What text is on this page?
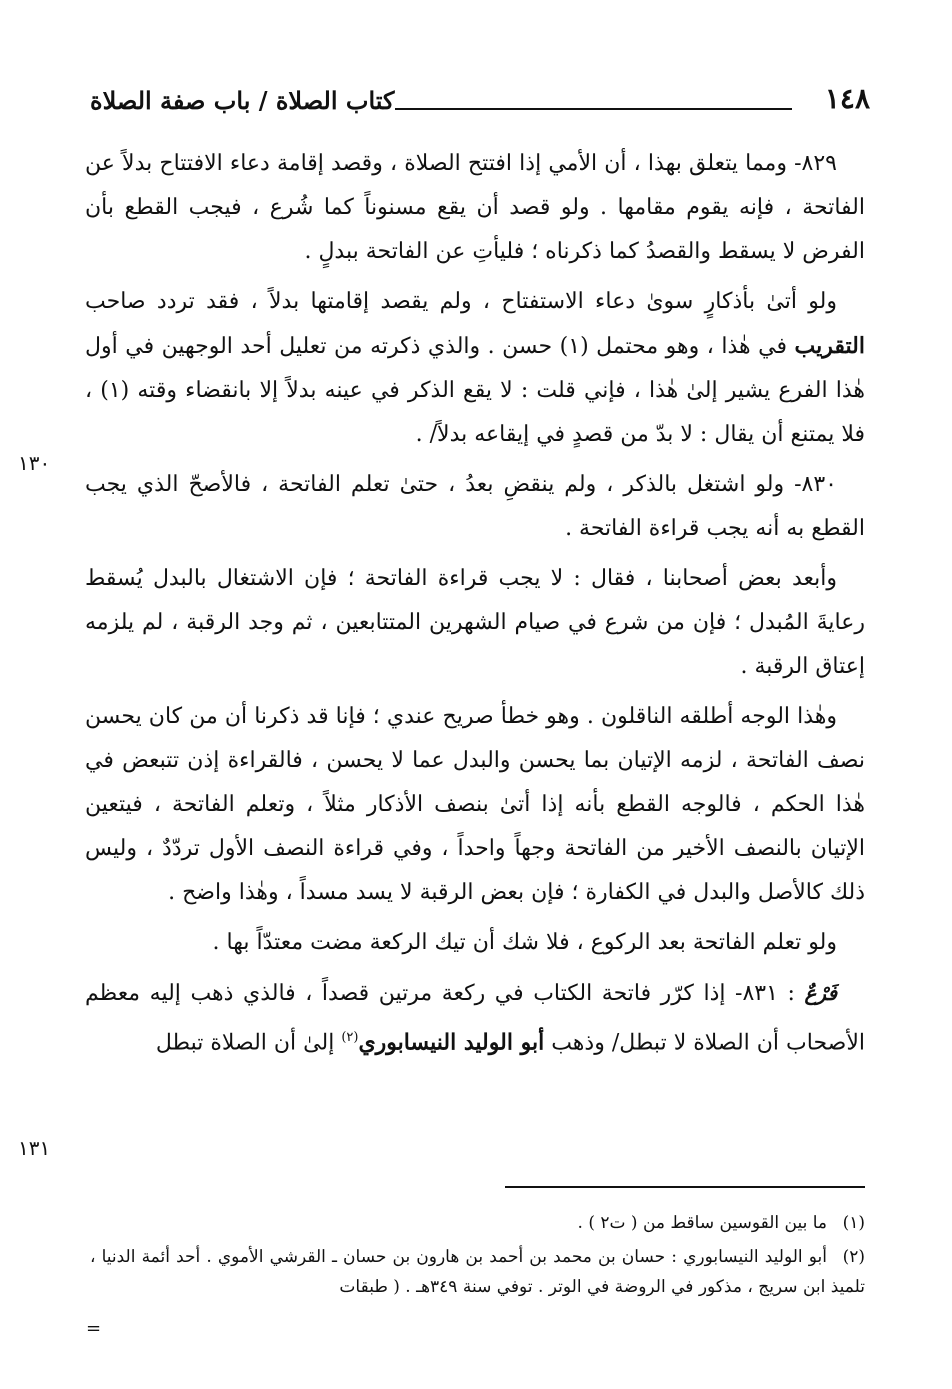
١٤٨
كتاب الصلاة / باب صفة الصلاة
١٣٠
١٣١

٨٢٩- ومما يتعلق بهذا ، أن الأمي إذا افتتح الصلاة ، وقصد إقامة دعاء الافتتاح بدلاً عن الفاتحة ، فإنه يقوم مقامها . ولو قصد أن يقع مسنوناً كما شُرع ، فيجب القطع بأن الفرض لا يسقط والقصدُ كما ذكرناه ؛ فليأتِ عن الفاتحة ببدلٍ .

ولو أتىٰ بأذكارٍ سوىٰ دعاء الاستفتاح ، ولم يقصد إقامتها بدلاً ، فقد تردد صاحب التقريب في هٰذا ، وهو محتمل (١) حسن . والذي ذكرته من تعليل أحد الوجهين في أول هٰذا الفرع يشير إلىٰ هٰذا ، فإني قلت : لا يقع الذكر في عينه بدلاً إلا بانقضاء وقته (١) ، فلا يمتنع أن يقال : لا بدّ من قصدٍ في إيقاعه بدلاً/ .

٨٣٠- ولو اشتغل بالذكر ، ولم ينقضِ بعدُ ، حتىٰ تعلم الفاتحة ، فالأصحّ الذي يجب القطع به أنه يجب قراءة الفاتحة .

وأبعد بعض أصحابنا ، فقال : لا يجب قراءة الفاتحة ؛ فإن الاشتغال بالبدل يُسقط رعايةَ المُبدل ؛ فإن من شرع في صيام الشهرين المتتابعين ، ثم وجد الرقبة ، لم يلزمه إعتاق الرقبة .

وهٰذا الوجه أطلقه الناقلون . وهو خطأ صريح عندي ؛ فإنا قد ذكرنا أن من كان يحسن نصف الفاتحة ، لزمه الإتيان بما يحسن والبدل عما لا يحسن ، فالقراءة إذن تتبعض في هٰذا الحكم ، فالوجه القطع بأنه إذا أتىٰ بنصف الأذكار مثلاً ، وتعلم الفاتحة ، فيتعين الإتيان بالنصف الأخير من الفاتحة وجهاً واحداً ، وفي قراءة النصف الأول تردّدٌ ، وليس ذلك كالأصل والبدل في الكفارة ؛ فإن بعض الرقبة لا يسد مسداً ، وهٰذا واضح .

ولو تعلم الفاتحة بعد الركوع ، فلا شك أن تيك الركعة مضت معتدّاً بها .

فَرْعٌ : ٨٣١- إذا كرّر فاتحة الكتاب في ركعة مرتين قصداً ، فالذي ذهب إليه معظم الأصحاب أن الصلاة لا تبطل/ وذهب أبو الوليد النيسابوري$^{(٢)}$ إلىٰ أن الصلاة تبطل

(١)ما بين القوسين ساقط من ( ت٢ ) .

(٢)أبو الوليد النيسابوري : حسان بن محمد بن أحمد بن هارون بن حسان ـ القرشي الأموي . أحد أئمة الدنيا ، تلميذ ابن سريج ، مذكور في الروضة في الوتر . توفي سنة ٣٤٩هـ . ( طبقات

=
